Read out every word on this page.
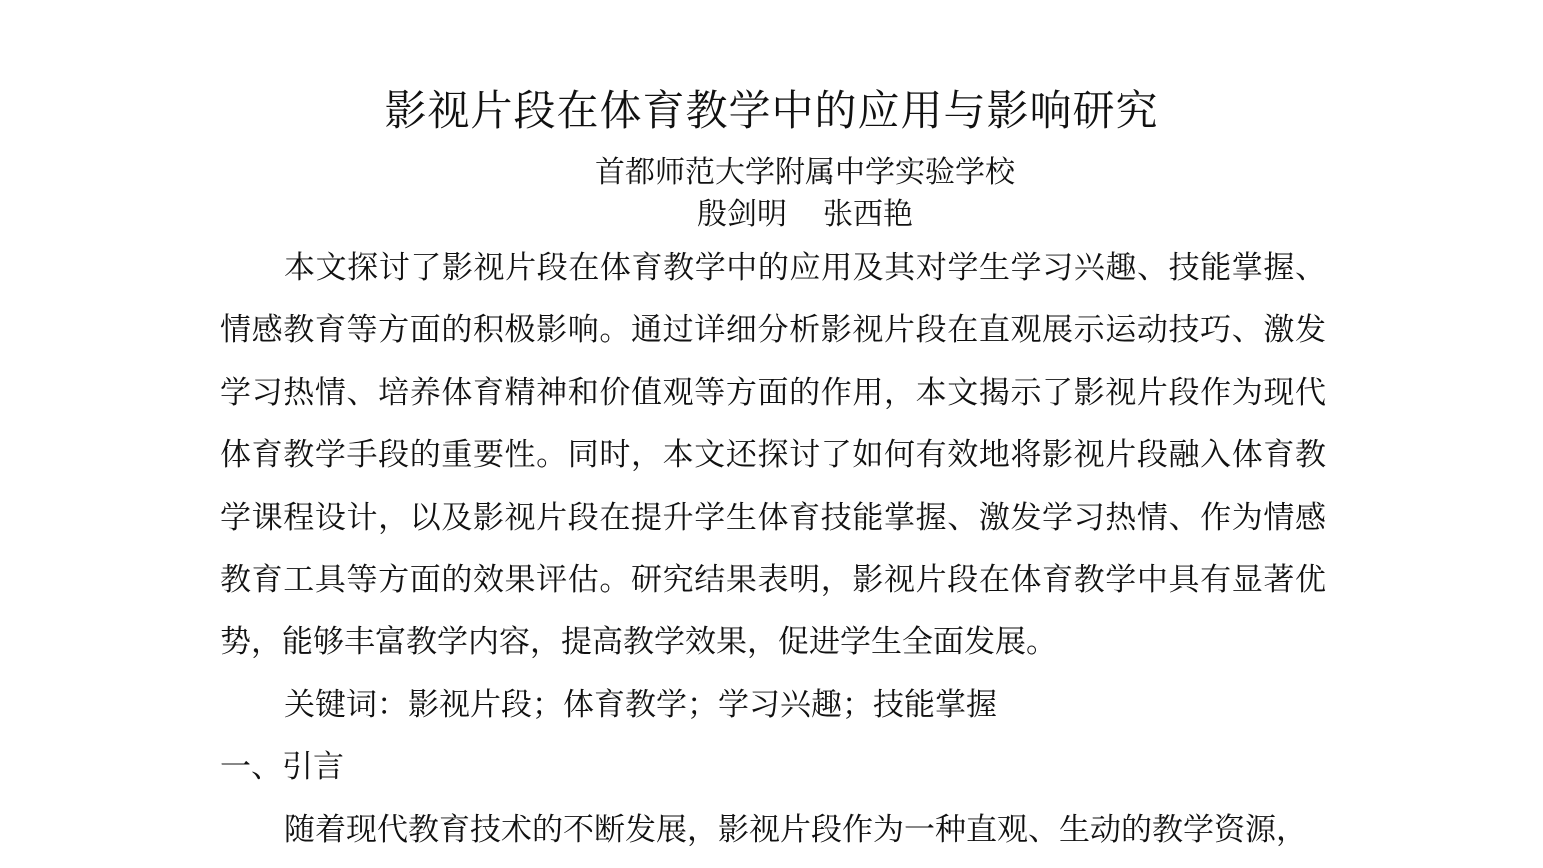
影视片段在体育教学中的应用与影响研究
首都师范大学附属中学实验学校
殷剑明 张西艳

本文探讨了影视片段在体育教学中的应用及其对学生学习兴趣、技能掌握、情感教育等方面的积极影响。通过详细分析影视片段在直观展示运动技巧、激发学习热情、培养体育精神和价值观等方面的作用，本文揭示了影视片段作为现代体育教学手段的重要性。同时，本文还探讨了如何有效地将影视片段融入体育教学课程设计，以及影视片段在提升学生体育技能掌握、激发学习热情、作为情感教育工具等方面的效果评估。研究结果表明，影视片段在体育教学中具有显著优势，能够丰富教学内容，提高教学效果，促进学生全面发展。

关键词：影视片段；体育教学；学习兴趣；技能掌握

一、引言

随着现代教育技术的不断发展，影视片段作为一种直观、生动的教学资源，
